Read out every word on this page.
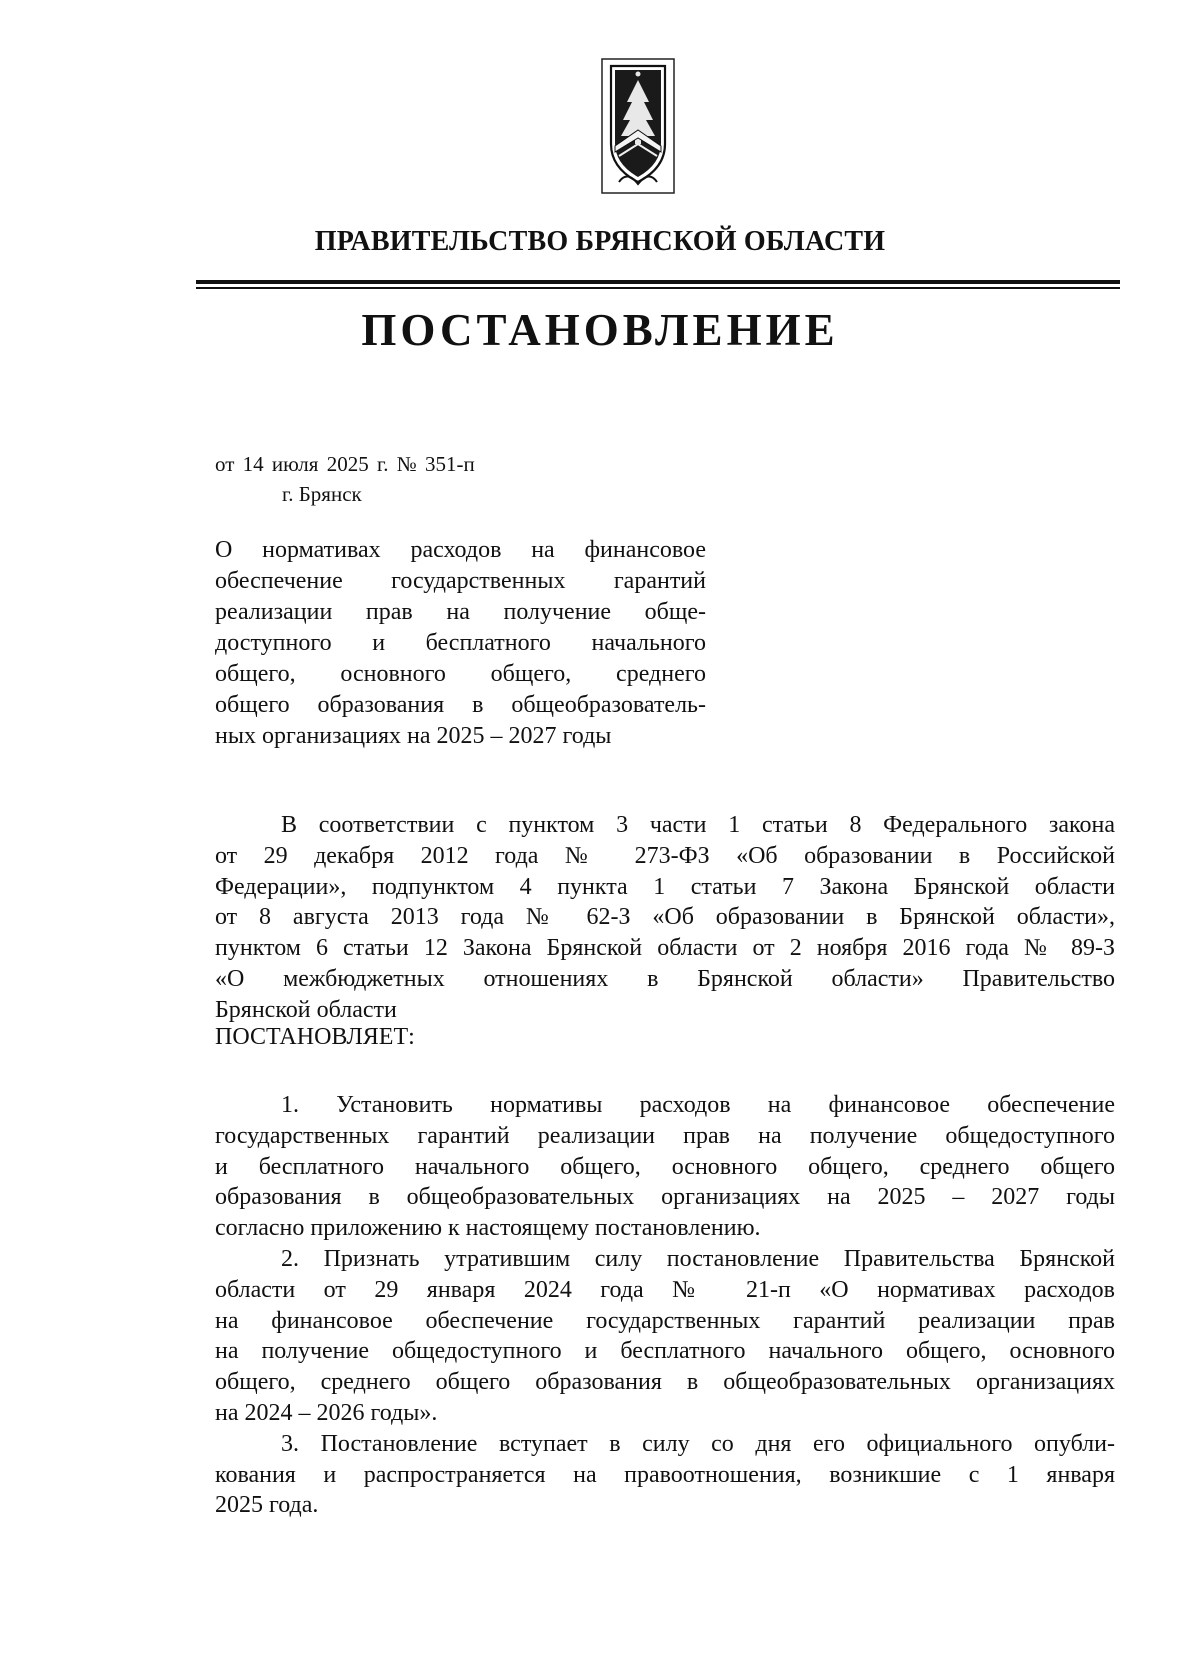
ПРАВИТЕЛЬСТВО БРЯНСКОЙ ОБЛАСТИ
ПОСТАНОВЛЕНИЕ
от 14 июля 2025 г. № 351-п
г. Брянск
О нормативах расходов на финансовое
обеспечение государственных гарантий
реализации прав на получение обще-
доступного и бесплатного начального
общего, основного общего, среднего
общего образования в общеобразователь-
ных организациях на 2025 – 2027 годы
В соответствии с пунктом 3 части 1 статьи 8 Федерального закона
от 29 декабря 2012 года № 273-ФЗ «Об образовании в Российской
Федерации», подпунктом 4 пункта 1 статьи 7 Закона Брянской области
от 8 августа 2013 года № 62-З «Об образовании в Брянской области»,
пунктом 6 статьи 12 Закона Брянской области от 2 ноября 2016 года № 89-З
«О межбюджетных отношениях в Брянской области» Правительство
Брянской области
ПОСТАНОВЛЯЕТ:
1. Установить нормативы расходов на финансовое обеспечение
государственных гарантий реализации прав на получение общедоступного
и бесплатного начального общего, основного общего, среднего общего
образования в общеобразовательных организациях на 2025 – 2027 годы
согласно приложению к настоящему постановлению.
2. Признать утратившим силу постановление Правительства Брянской
области от 29 января 2024 года № 21-п «О нормативах расходов
на финансовое обеспечение государственных гарантий реализации прав
на получение общедоступного и бесплатного начального общего, основного
общего, среднего общего образования в общеобразовательных организациях
на 2024 – 2026 годы».
3. Постановление вступает в силу со дня его официального опубли-
кования и распространяется на правоотношения, возникшие с 1 января
2025 года.
